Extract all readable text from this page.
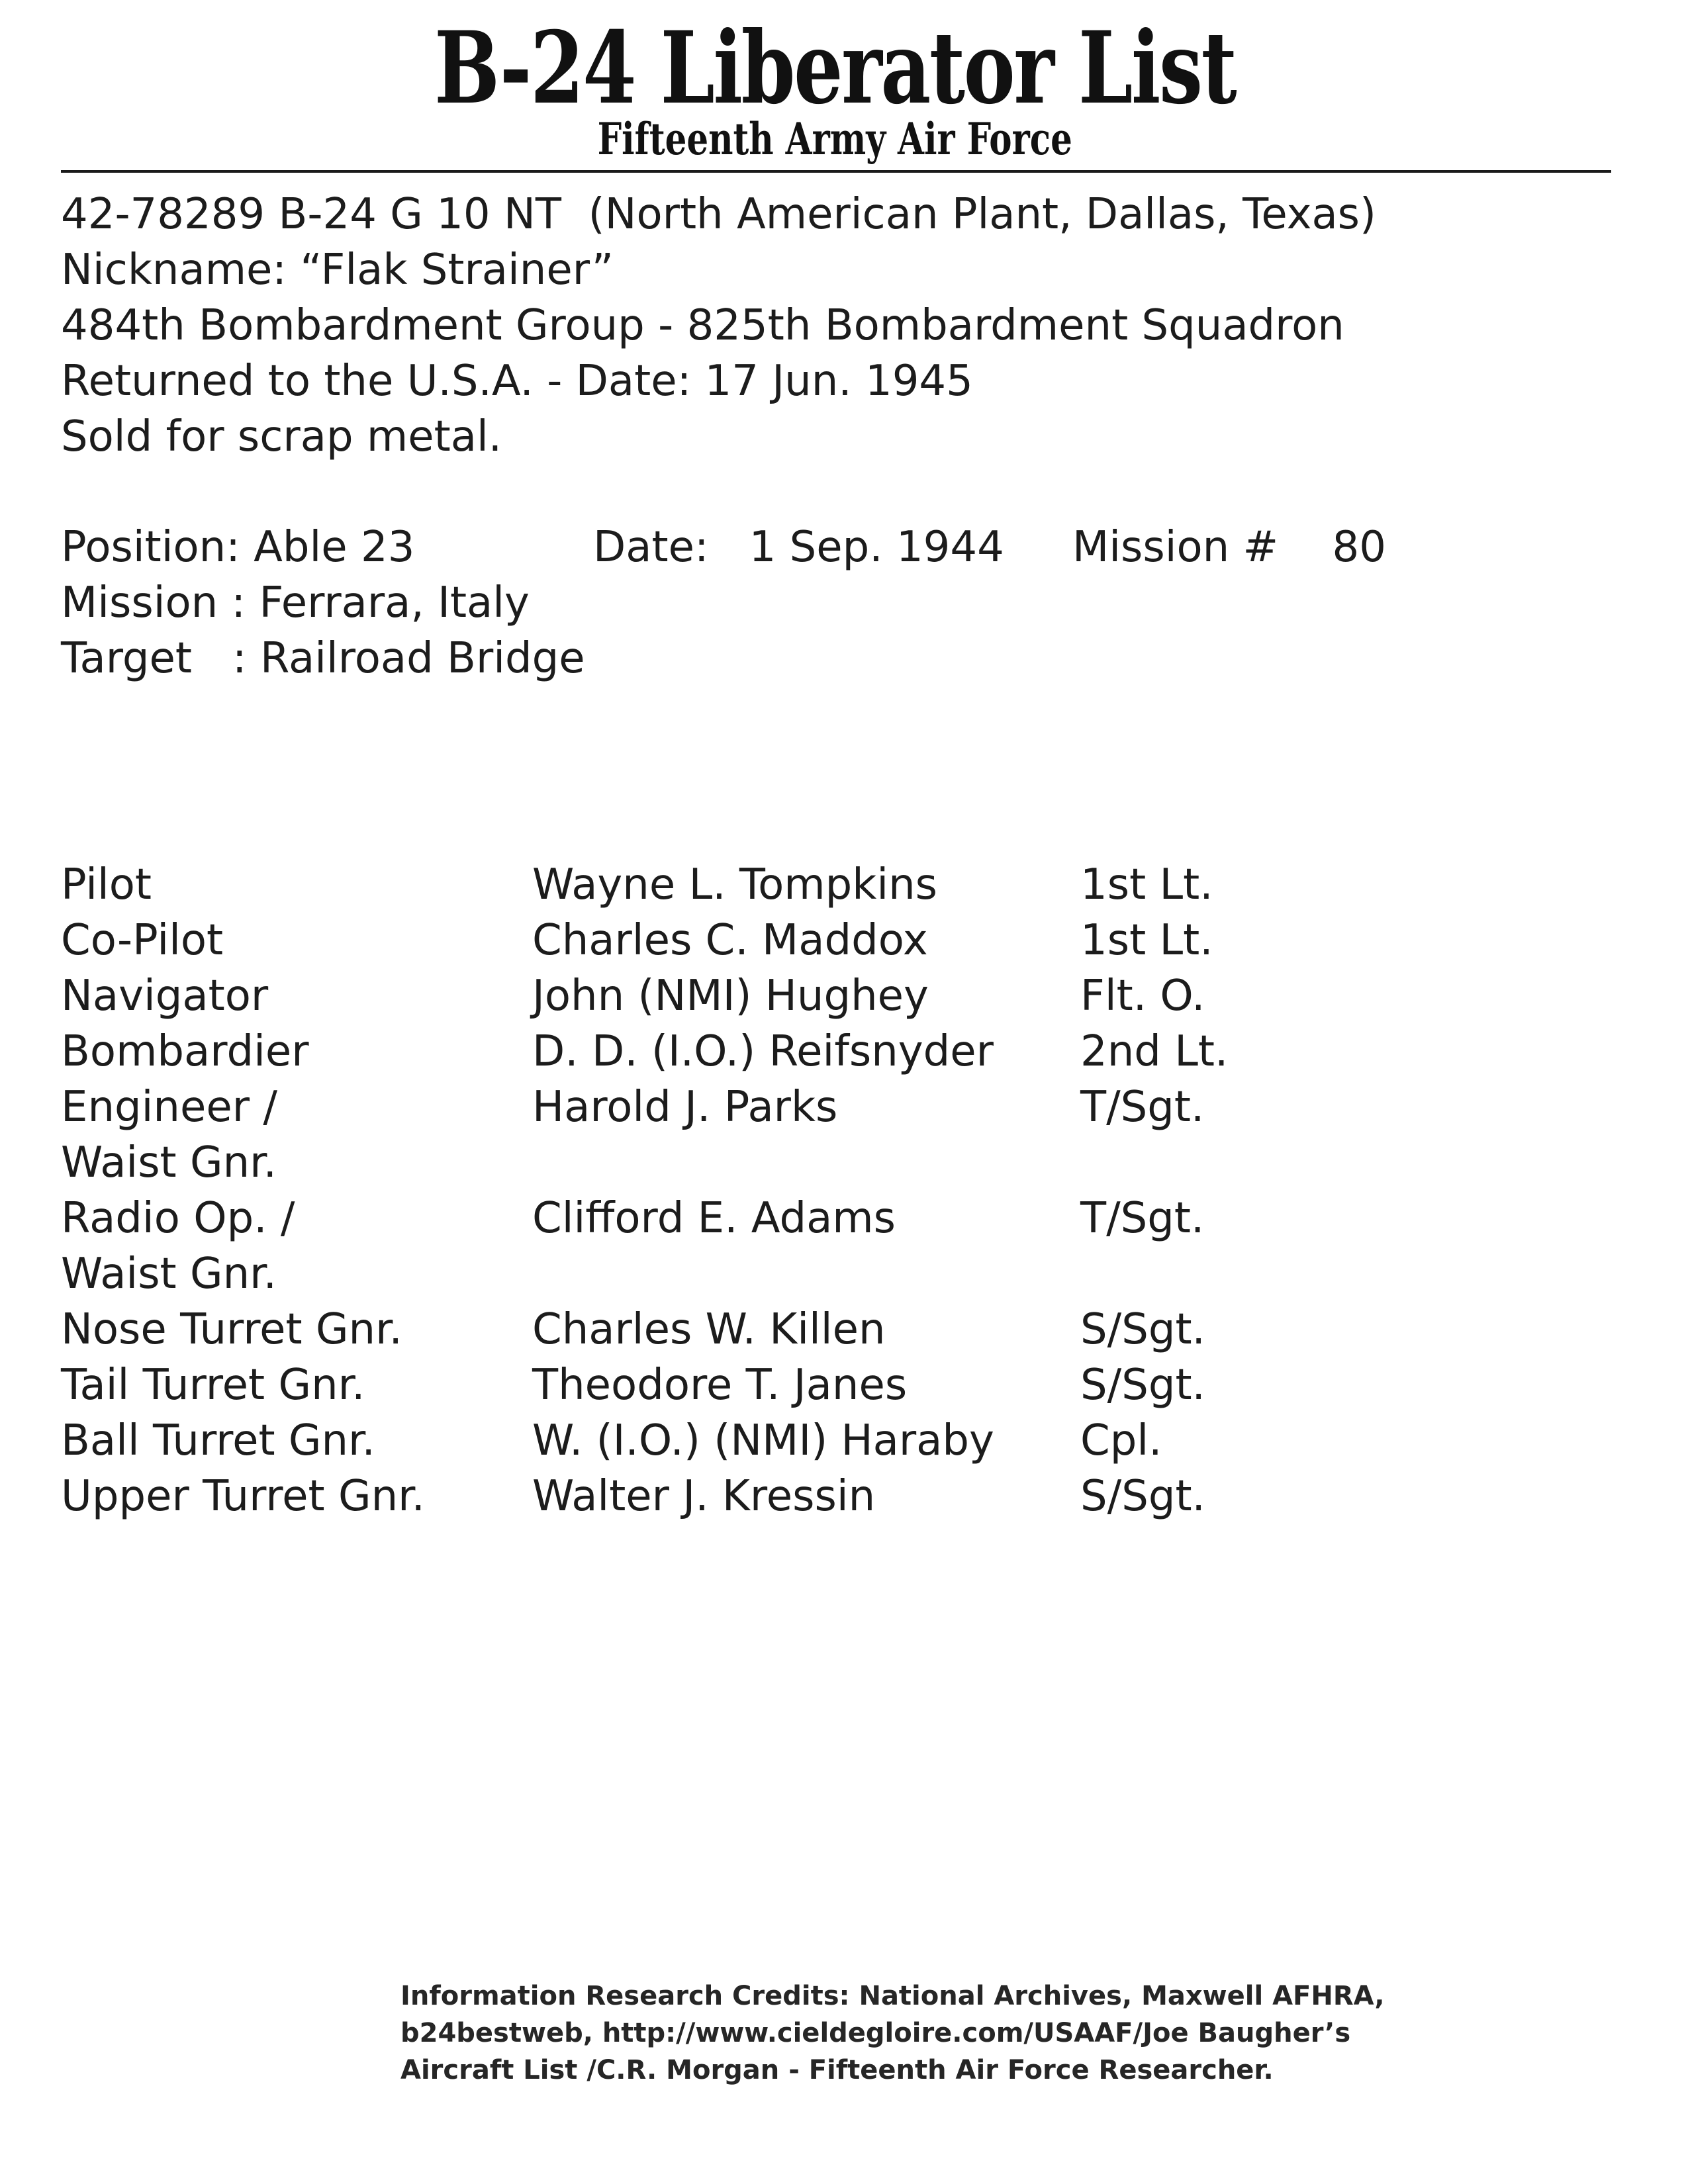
B-24 Liberator List
Fifteenth Army Air Force
42-78289 B-24 G 10 NT  (North American Plant, Dallas, Texas)
Nickname: “Flak Strainer”
484th Bombardment Group - 825th Bombardment Squadron
Returned to the U.S.A. - Date: 17 Jun. 1945
Sold for scrap metal.
Position: Able 23	Date:   1 Sep. 1944 Mission #    80
Mission : Ferrara, Italy
Target   : Railroad Bridge
Pilot
Co-Pilot
Navigator
Bombardier
Engineer /
Waist Gnr.
Radio Op. /
Waist Gnr.
Nose Turret Gnr.
Tail Turret Gnr.
Ball Turret Gnr.
Upper Turret Gnr.
Wayne L. Tompkins
Charles C. Maddox
John (NMI) Hughey
D. D. (I.O.) Reifsnyder
Harold J. Parks
Clifford E. Adams
Charles W. Killen
Theodore T. Janes
W. (I.O.) (NMI) Haraby
Walter J. Kressin
1st Lt.
1st Lt.
Flt. O.
2nd Lt.
T/Sgt.
T/Sgt.
S/Sgt.
S/Sgt.
Cpl.
S/Sgt.
Information Research Credits: National Archives, Maxwell AFHRA,
b24bestweb, http://www.cieldegloire.com/USAAF/Joe Baugher’s
Aircraft List /C.R. Morgan - Fifteenth Air Force Researcher.
